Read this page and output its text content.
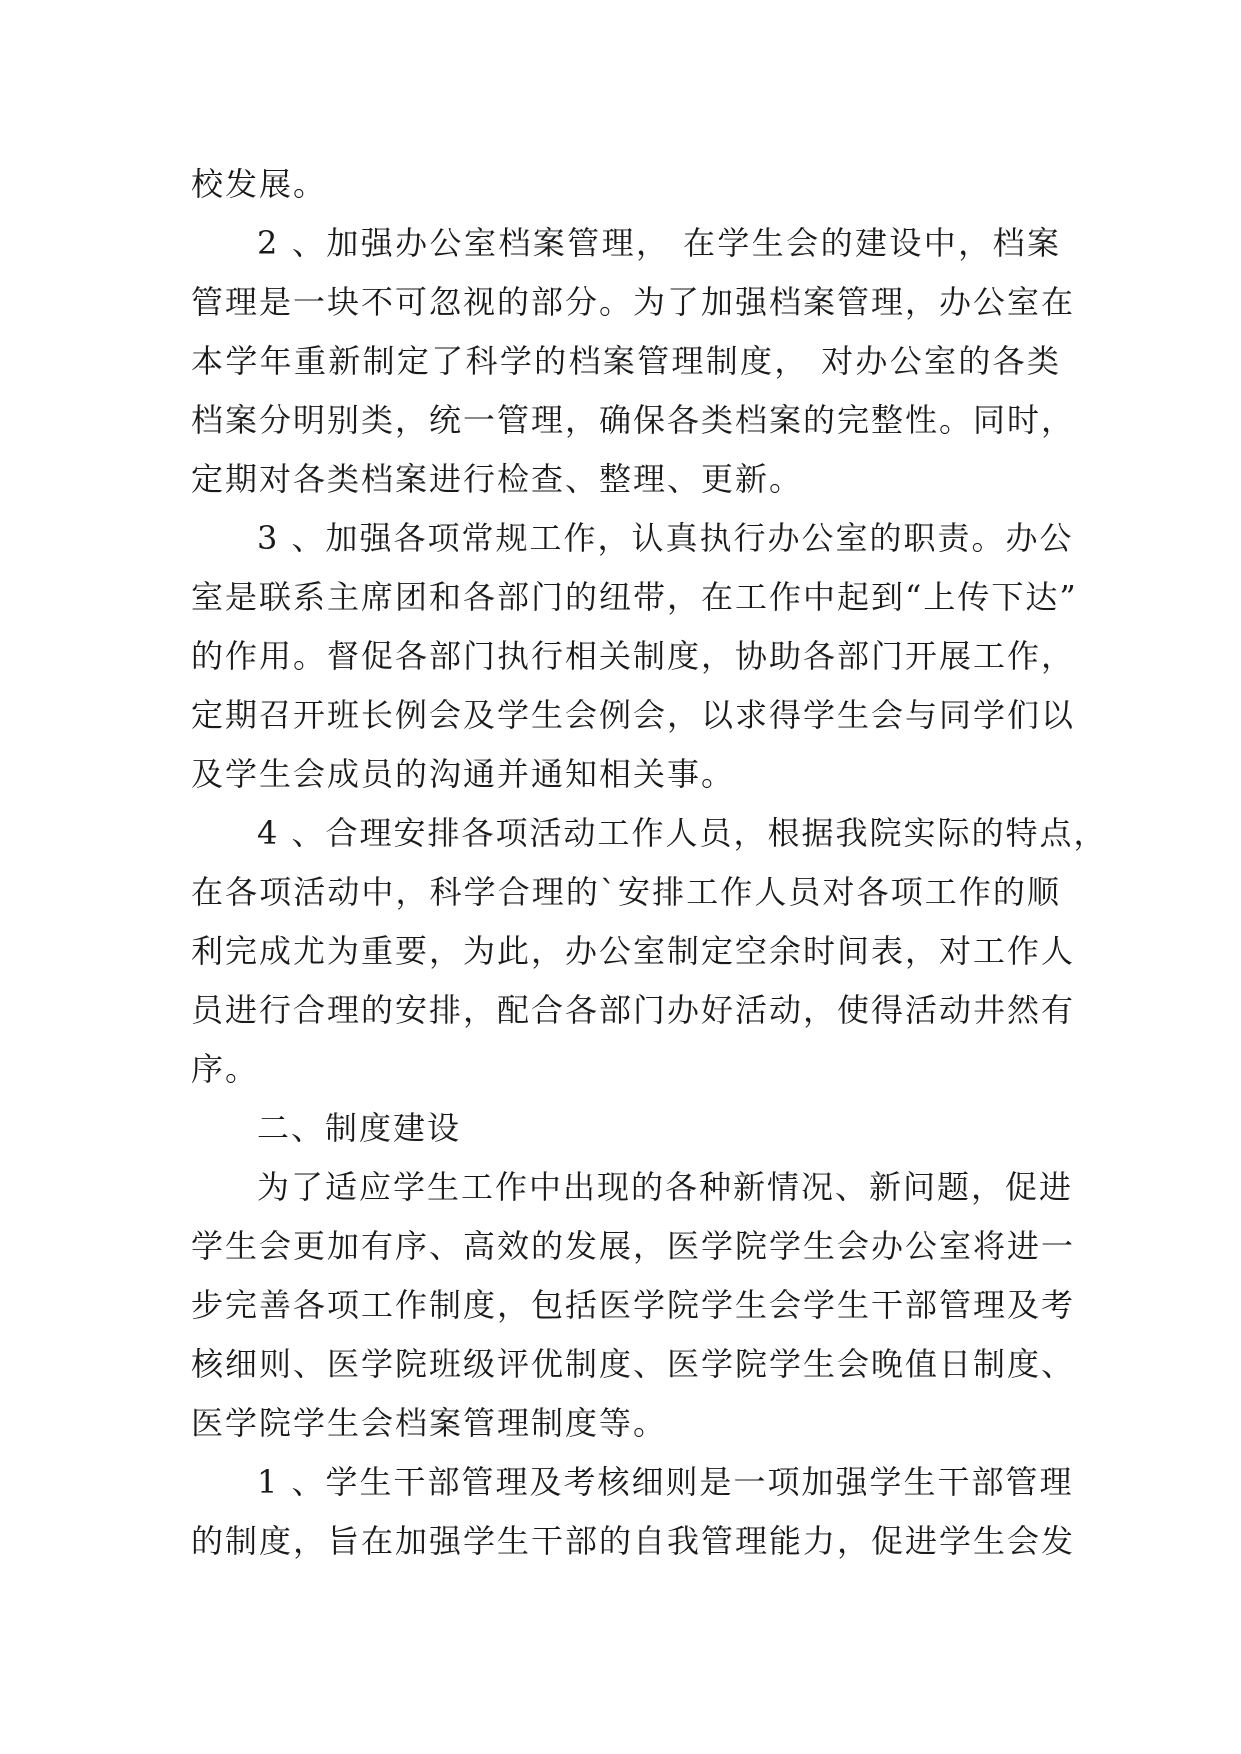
校发展。
2 、加强办公室档案管理， 在学生会的建设中，档案
管理是一块不可忽视的部分。为了加强档案管理，办公室在
本学年重新制定了科学的档案管理制度， 对办公室的各类
档案分明别类，统一管理，确保各类档案的完整性。同时，
定期对各类档案进行检查、整理、更新。
3 、加强各项常规工作，认真执行办公室的职责。办公
室是联系主席团和各部门的纽带，在工作中起到“上传下达”
的作用。督促各部门执行相关制度，协助各部门开展工作，
定期召开班长例会及学生会例会，以求得学生会与同学们以
及学生会成员的沟通并通知相关事。
4 、合理安排各项活动工作人员，根据我院实际的特点，
在各项活动中，科学合理的`安排工作人员对各项工作的顺
利完成尤为重要，为此，办公室制定空余时间表，对工作人
员进行合理的安排，配合各部门办好活动，使得活动井然有
序。
二、制度建设
为了适应学生工作中出现的各种新情况、新问题，促进
学生会更加有序、高效的发展，医学院学生会办公室将进一
步完善各项工作制度，包括医学院学生会学生干部管理及考
核细则、医学院班级评优制度、医学院学生会晚值日制度、
医学院学生会档案管理制度等。
1 、学生干部管理及考核细则是一项加强学生干部管理
的制度，旨在加强学生干部的自我管理能力，促进学生会发
